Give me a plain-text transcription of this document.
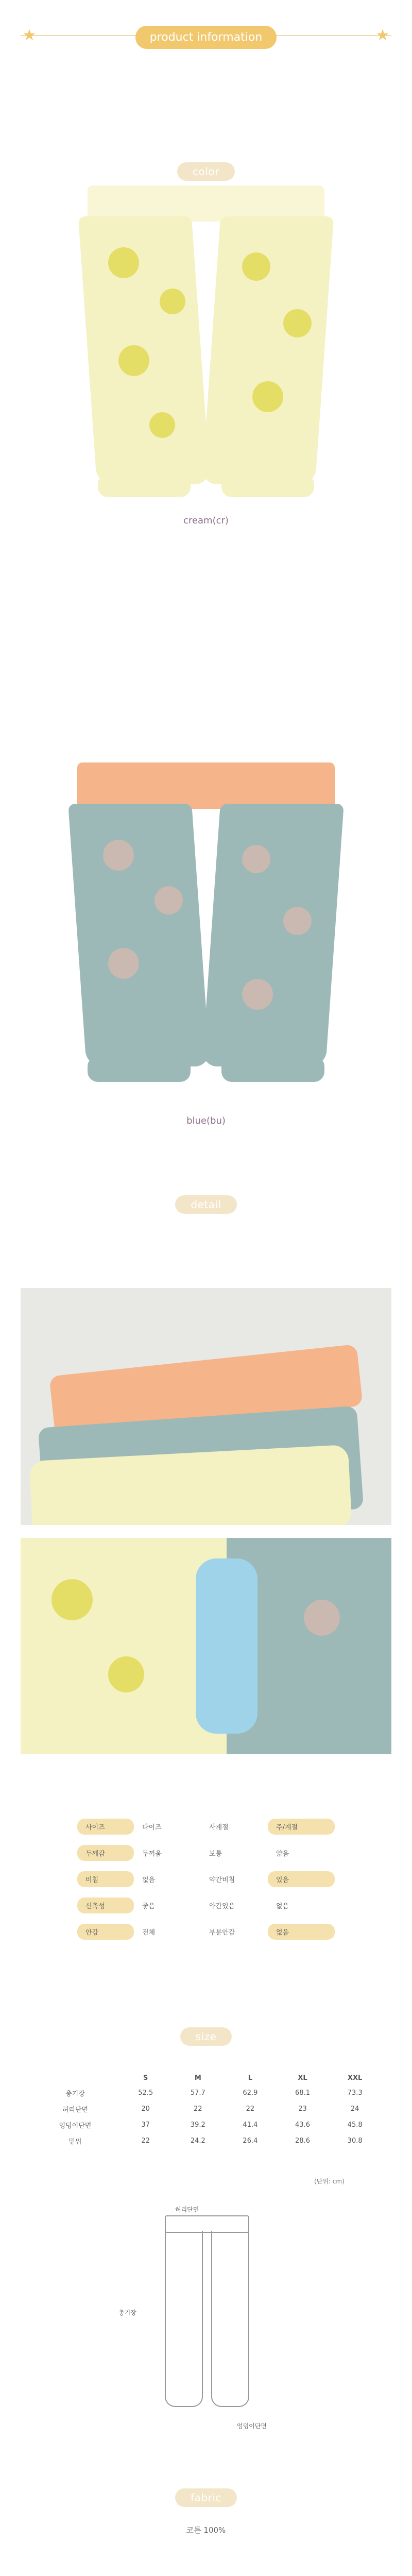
★	product information	★
color
cream(cr)
blue(bu)
detail
사이즈	다이즈	사계절	주/계절
두께감	두꺼움	보통	얇음
비침	없음	약간비침	있음
신축성	좋음	약간있음	없음
안감	전체	부분안감	없음
size
	S	M	L	XL	XXL
총기장	52.5	57.7	62.9	68.1	73.3
허리단면	20	22	22	23	24
엉덩이단면	37	39.2	41.4	43.6	45.8
밑위	22	24.2	26.4	28.6	30.8
(단위: cm)
허리단면
총기장
엉덩이단면
fabric
코튼 100%
